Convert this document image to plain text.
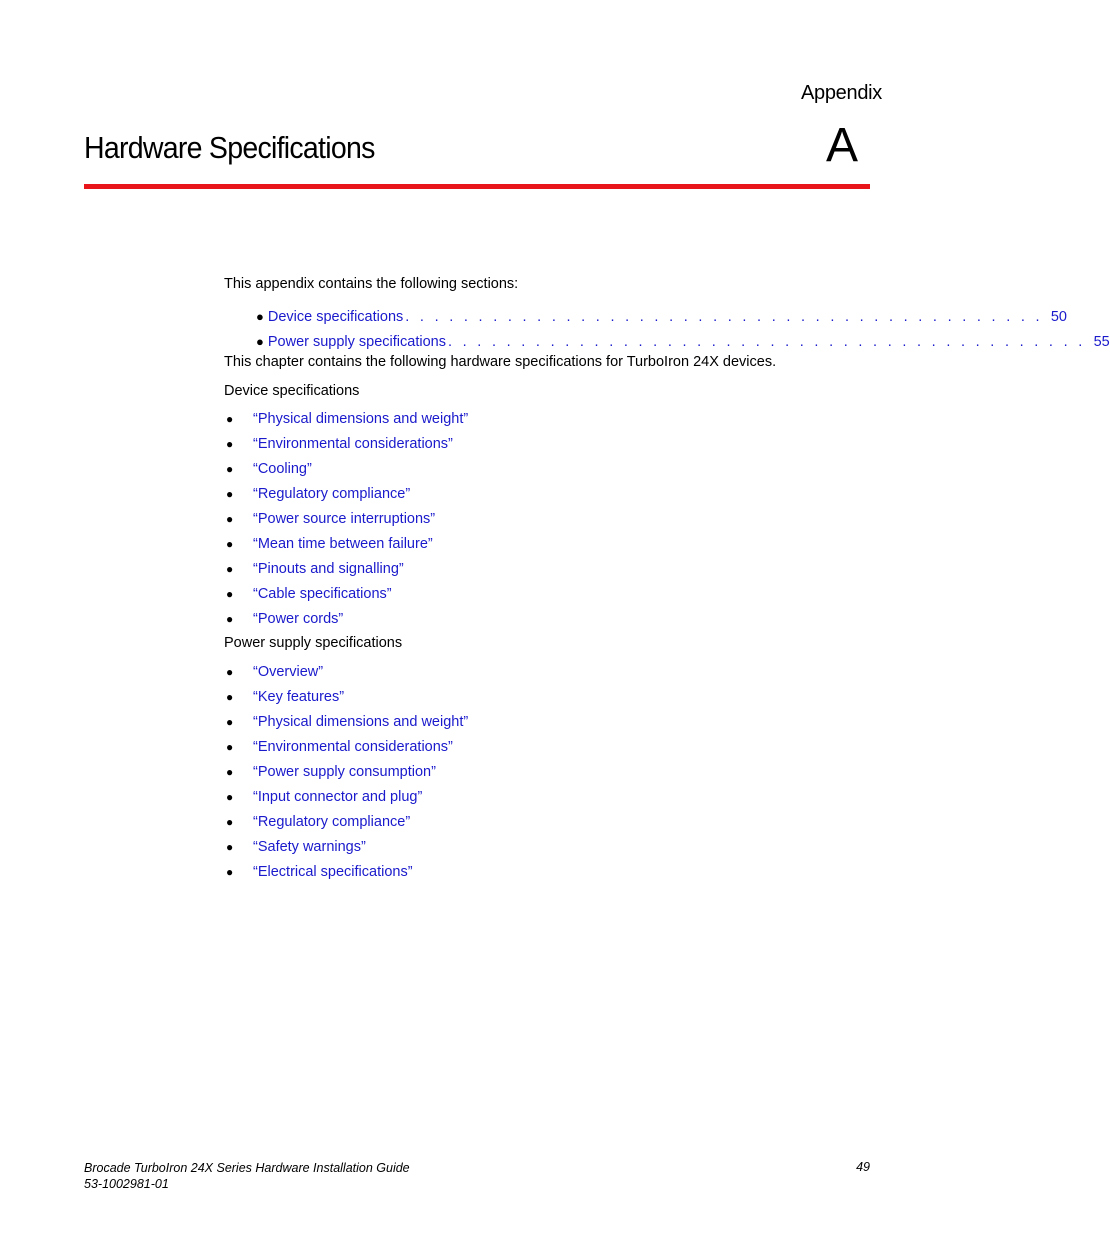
Appendix
Hardware Specifications	A
This appendix contains the following sections:
● Device specifications . . . . . . . . . . . . . . . . . . . . . . . . . . . . . . . . . . . . . . . . . . . . 50
● Power supply specifications . . . . . . . . . . . . . . . . . . . . . . . . . . . . . . . . . . . . . . . . . . . . 55
This chapter contains the following hardware specifications for TurboIron 24X devices.
Device specifications
●	“Physical dimensions and weight”
●	“Environmental considerations”
●	“Cooling”
●	“Regulatory compliance”
●	“Power source interruptions”
●	“Mean time between failure”
●	“Pinouts and signalling”
●	“Cable specifications”
●	“Power cords”
Power supply specifications
●	“Overview”
●	“Key features”
●	“Physical dimensions and weight”
●	“Environmental considerations”
●	“Power supply consumption”
●	“Input connector and plug”
●	“Regulatory compliance”
●	“Safety warnings”
●	“Electrical specifications”
Brocade TurboIron 24X Series Hardware Installation Guide
53-1002981-01
49
